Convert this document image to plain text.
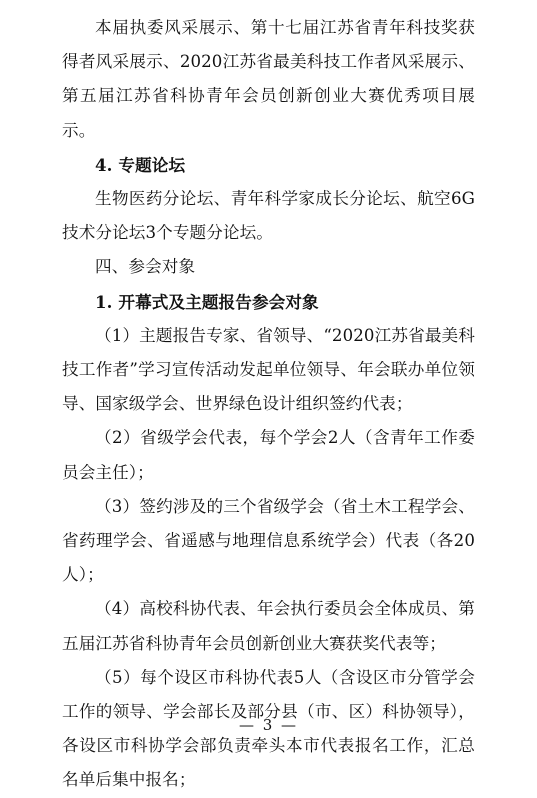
本届执委风采展示、第十七届江苏省青年科技奖获得者风采展示、2020江苏省最美科技工作者风采展示、第五届江苏省科协青年会员创新创业大赛优秀项目展示。

4. 专题论坛

生物医药分论坛、青年科学家成长分论坛、航空6G技术分论坛3个专题分论坛。

四、参会对象

1. 开幕式及主题报告参会对象

（1）主题报告专家、省领导、“2020江苏省最美科技工作者”学习宣传活动发起单位领导、年会联办单位领导、国家级学会、世界绿色设计组织签约代表；

（2）省级学会代表，每个学会2人（含青年工作委员会主任）；

（3）签约涉及的三个省级学会（省土木工程学会、省药理学会、省遥感与地理信息系统学会）代表（各20人）；

（4）高校科协代表、年会执行委员会全体成员、第五届江苏省科协青年会员创新创业大赛获奖代表等；

（5）每个设区市科协代表5人（含设区市分管学会工作的领导、学会部长及部分县（市、区）科协领导），各设区市科协学会部负责牵头本市代表报名工作，汇总名单后集中报名；

— 3 —
